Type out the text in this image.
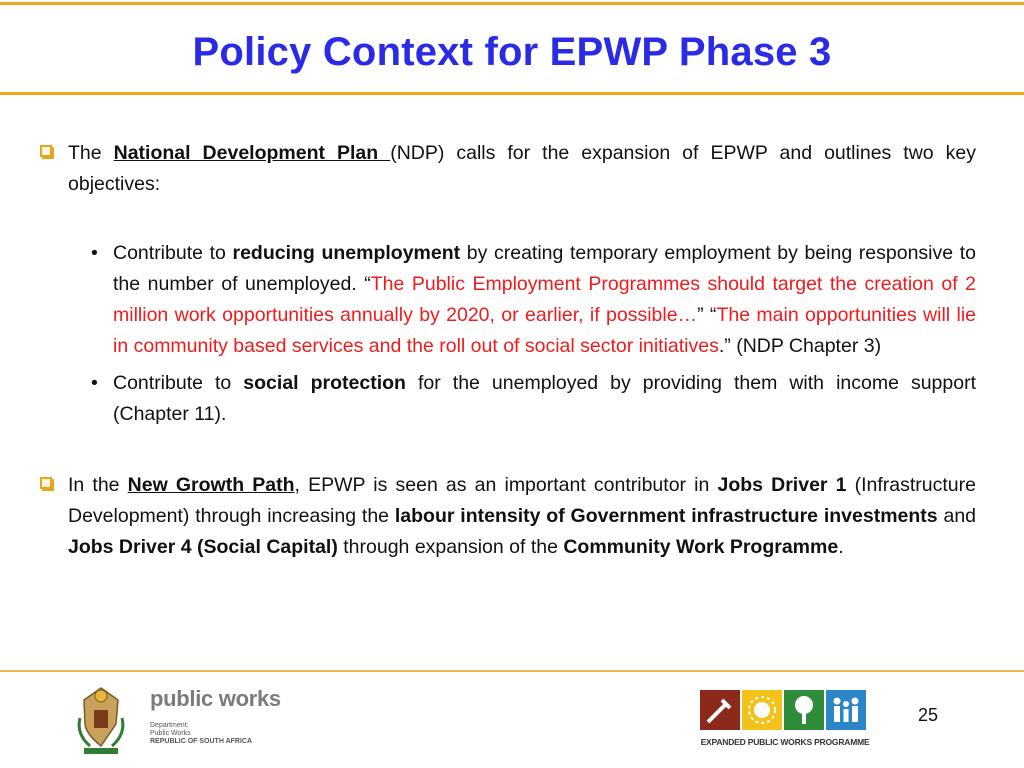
Policy Context for EPWP Phase 3
The National Development Plan (NDP) calls for the expansion of EPWP and outlines two key objectives:
• Contribute to reducing unemployment by creating temporary employment by being responsive to the number of unemployed. “The Public Employment Programmes should target the creation of 2 million work opportunities annually by 2020, or earlier, if possible…” “The main opportunities will lie in community based services and the roll out of social sector initiatives.” (NDP Chapter 3)
• Contribute to social protection for the unemployed by providing them with income support (Chapter 11).
In the New Growth Path, EPWP is seen as an important contributor in Jobs Driver 1 (Infrastructure Development) through increasing the labour intensity of Government infrastructure investments and Jobs Driver 4 (Social Capital) through expansion of the Community Work Programme.
public works
Department:
Public Works
REPUBLIC OF SOUTH AFRICA	EXPANDED PUBLIC WORKS PROGRAMME
25
